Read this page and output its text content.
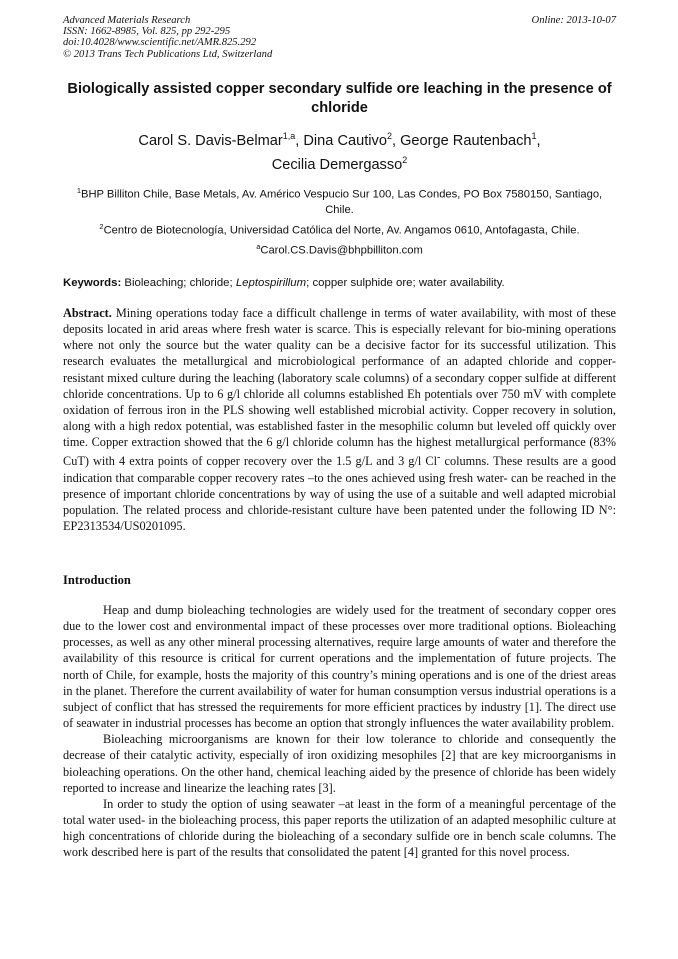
Advanced Materials Research
ISSN: 1662-8985, Vol. 825, pp 292-295
doi:10.4028/www.scientific.net/AMR.825.292
© 2013 Trans Tech Publications Ltd, Switzerland
Online: 2013-10-07
Biologically assisted copper secondary sulfide ore leaching in the presence of chloride
Carol S. Davis-Belmar$^{1,a}$, Dina Cautivo$^2$, George Rautenbach$^1$,
Cecilia Demergasso$^2$
$^1$BHP Billiton Chile, Base Metals, Av. Américo Vespucio Sur 100, Las Condes, PO Box 7580150, Santiago, Chile.
$^2$Centro de Biotecnología, Universidad Católica del Norte, Av. Angamos 0610, Antofagasta, Chile.
$^a$Carol.CS.Davis@bhpbilliton.com
Keywords: Bioleaching; chloride; Leptospirillum; copper sulphide ore; water availability.
Abstract. Mining operations today face a difficult challenge in terms of water availability, with most of these deposits located in arid areas where fresh water is scarce. This is especially relevant for bio-mining operations where not only the source but the water quality can be a decisive factor for its successful utilization. This research evaluates the metallurgical and microbiological performance of an adapted chloride and copper-resistant mixed culture during the leaching (laboratory scale columns) of a secondary copper sulfide at different chloride concentrations. Up to 6 g/l chloride all columns established Eh potentials over 750 mV with complete oxidation of ferrous iron in the PLS showing well established microbial activity. Copper recovery in solution, along with a high redox potential, was established faster in the mesophilic column but leveled off quickly over time. Copper extraction showed that the 6 g/l chloride column has the highest metallurgical performance (83% CuT) with 4 extra points of copper recovery over the 1.5 g/L and 3 g/l Cl- columns. These results are a good indication that comparable copper recovery rates –to the ones achieved using fresh water- can be reached in the presence of important chloride concentrations by way of using the use of a suitable and well adapted microbial population. The related process and chloride-resistant culture have been patented under the following ID N°: EP2313534/US0201095.
Introduction

Heap and dump bioleaching technologies are widely used for the treatment of secondary copper ores due to the lower cost and environmental impact of these processes over more traditional options. Bioleaching processes, as well as any other mineral processing alternatives, require large amounts of water and therefore the availability of this resource is critical for current operations and the implementation of future projects. The north of Chile, for example, hosts the majority of this country’s mining operations and is one of the driest areas in the planet. Therefore the current availability of water for human consumption versus industrial operations is a subject of conflict that has stressed the requirements for more efficient practices by industry [1]. The direct use of seawater in industrial processes has become an option that strongly influences the water availability problem.

Bioleaching microorganisms are known for their low tolerance to chloride and consequently the decrease of their catalytic activity, especially of iron oxidizing mesophiles [2] that are key microorganisms in bioleaching operations. On the other hand, chemical leaching aided by the presence of chloride has been widely reported to increase and linearize the leaching rates [3].

In order to study the option of using seawater –at least in the form of a meaningful percentage of the total water used- in the bioleaching process, this paper reports the utilization of an adapted mesophilic culture at high concentrations of chloride during the bioleaching of a secondary sulfide ore in bench scale columns. The work described here is part of the results that consolidated the patent [4] granted for this novel process.
